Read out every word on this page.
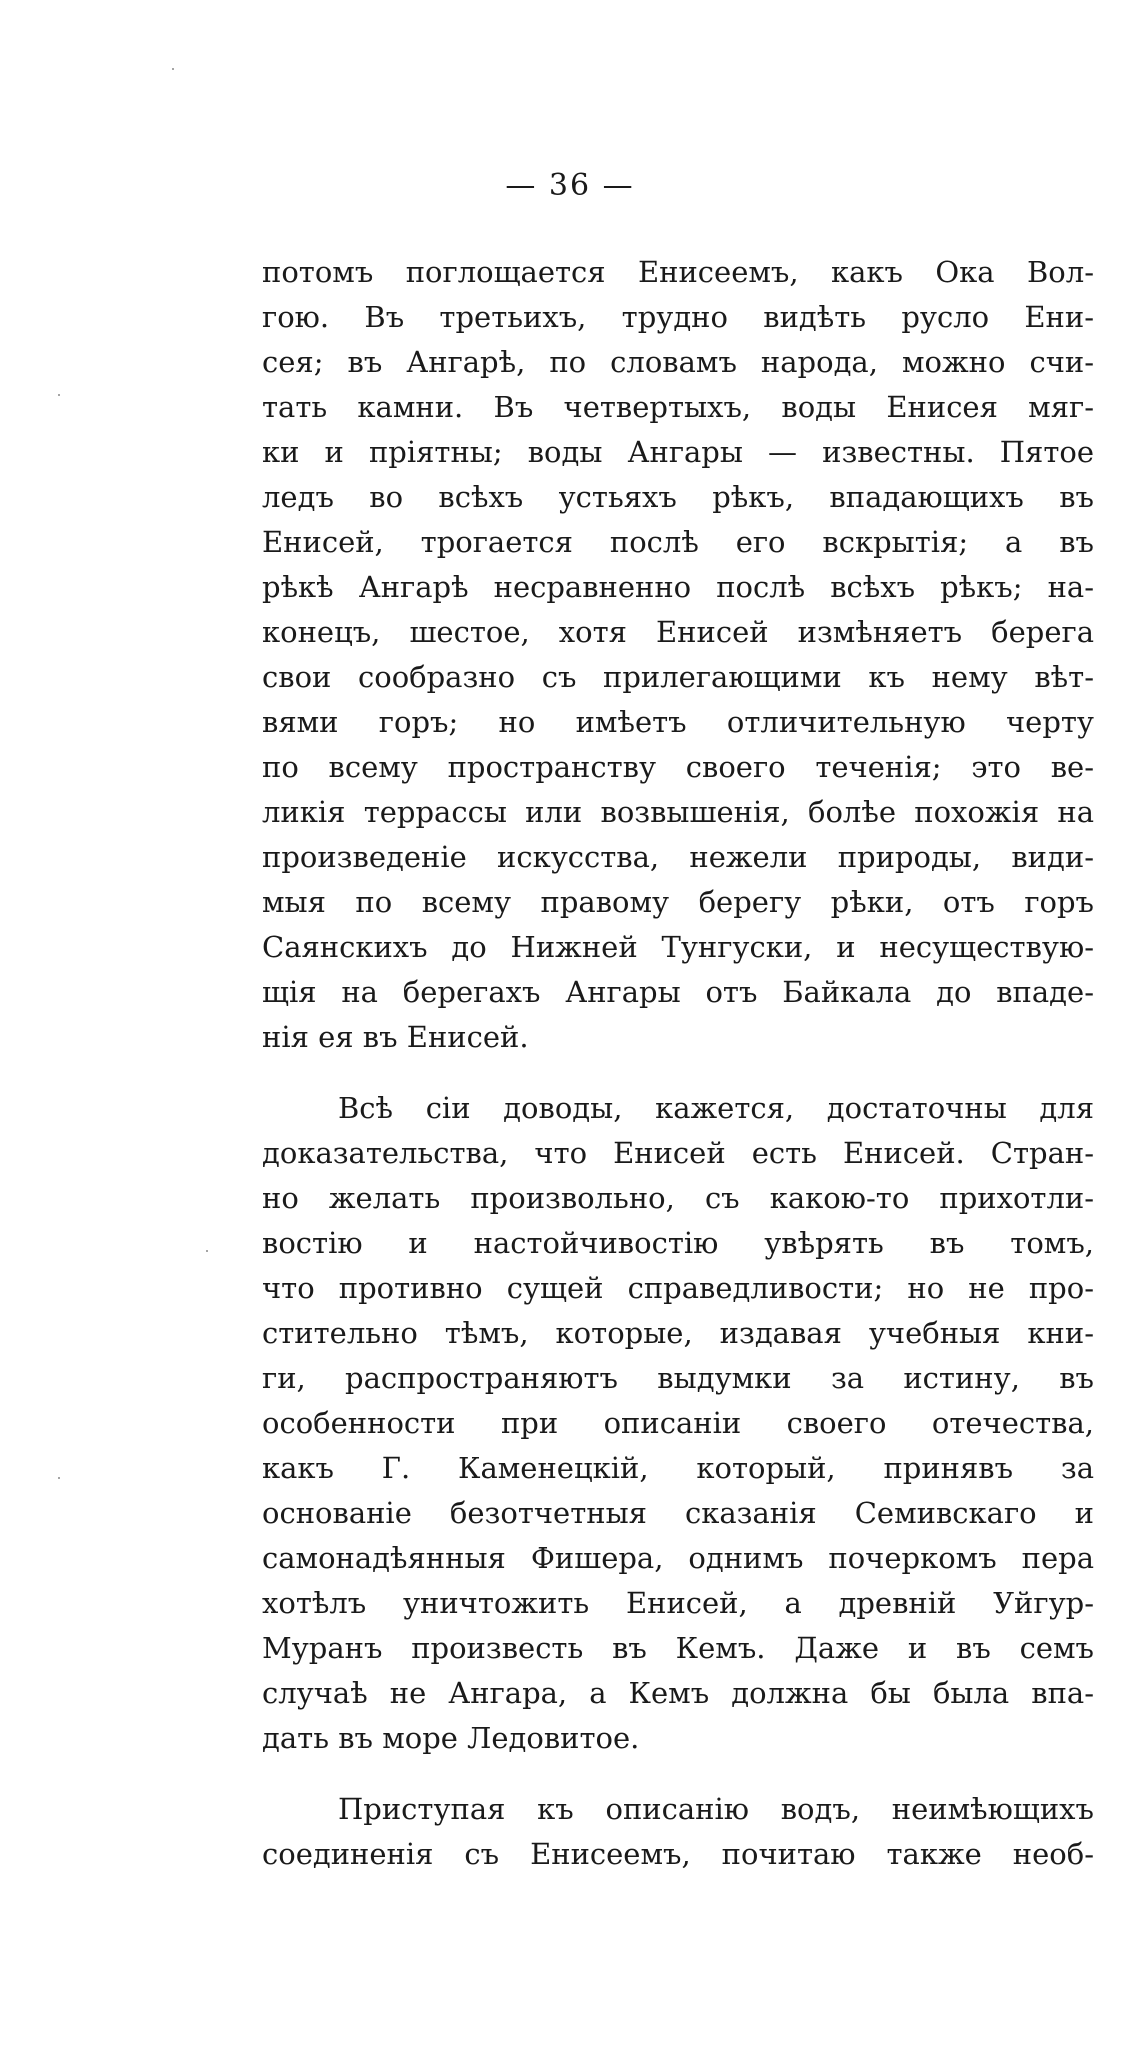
— 36 —
потомъ поглощается Енисеемъ, какъ Ока Вол-
гою. Въ третьихъ, трудно видѣть русло Ени-
сея; въ Ангарѣ, по словамъ народа, можно счи-
тать камни. Въ четвертыхъ, воды Енисея мяг-
ки и пріятны; воды Ангары — известны. Пятое
ледъ во всѣхъ устьяхъ рѣкъ, впадающихъ въ
Енисей, трогается послѣ его вскрытія; а въ
рѣкѣ Ангарѣ несравненно послѣ всѣхъ рѣкъ; на-
конецъ, шестое, хотя Енисей измѣняетъ берега
свои сообразно съ прилегающими къ нему вѣт-
вями горъ; но имѣетъ отличительную черту
по всему пространству своего теченія; это ве-
ликія террассы или возвышенія, болѣе похожія на
произведеніе искусства, нежели природы, види-
мыя по всему правому берегу рѣки, отъ горъ
Саянскихъ до Нижней Тунгуски, и несуществую-
щія на берегахъ Ангары отъ Байкала до впаде-
нія ея въ Енисей.
Всѣ сіи доводы, кажется, достаточны для
доказательства, что Енисей есть Енисей. Стран-
но желать произвольно, съ какою-то прихотли-
востію и настойчивостію увѣрять въ томъ,
что противно сущей справедливости; но не про-
стительно тѣмъ, которые, издавая учебныя кни-
ги, распространяютъ выдумки за истину, въ
особенности при описаніи своего отечества,
какъ Г. Каменецкій, который, принявъ за
основаніе безотчетныя сказанія Семивскаго и
самонадѣянныя Фишера, однимъ почеркомъ пера
хотѣлъ уничтожить Енисей, а древній Уйгур-
Муранъ произвесть въ Кемъ. Даже и въ семъ
случаѣ не Ангара, а Кемъ должна бы была впа-
дать въ море Ледовитое.
Приступая къ описанію водъ, неимѣющихъ
соединенія съ Енисеемъ, почитаю также необ-
